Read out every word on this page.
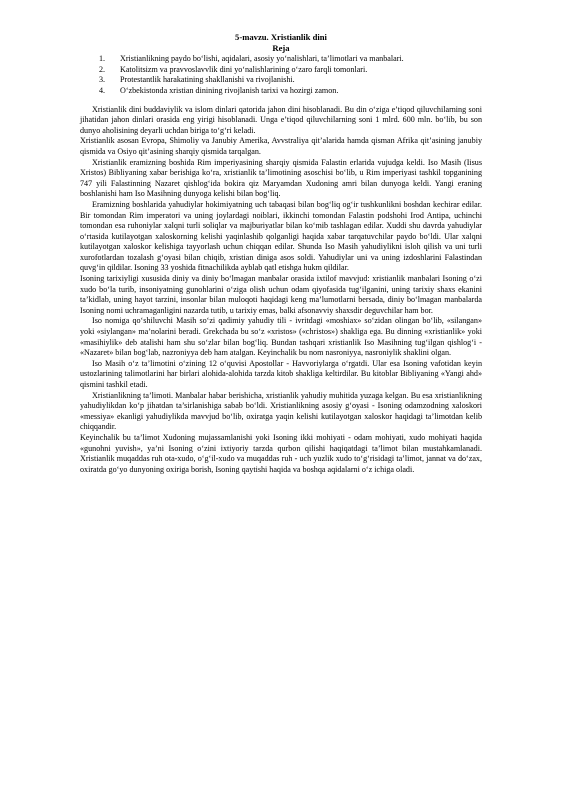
5-mavzu. Xristianlik dini
Reja
1. Xristianlikning paydo bo‘lishi, aqidalari, asosiy yo‘nalishlari, ta’limotlari va manbalari.
2. Katolitsizm va pravvoslavvlik dini yo‘nalishlarining o‘zaro farqli tomonlari.
3. Protestantlik harakatining shakllanishi va rivojlanishi.
4. O‘zbekistonda xristian dinining rivojlanish tarixi va hozirgi zamon.

Xristianlik dini buddaviylik va islom dinlari qatorida jahon dini hisoblanadi. Bu din o‘ziga e’tiqod qiluvchilarning soni jihatidan jahon dinlari orasida eng yirigi hisoblanadi. Unga e’tiqod qiluvchilarning soni 1 mlrd. 600 mln. bo‘lib, bu son dunyo aholisining deyarli uchdan biriga to‘g‘ri keladi.

Xristianlik asosan Evropa, Shimoliy va Janubiy Amerika, Avvstraliya qit’alarida hamda qisman Afrika qit’asining janubiy qismida va Osiyo qit’asining sharqiy qismida tarqalgan.

Xristianlik eramizning boshida Rim imperiyasining sharqiy qismida Falastin erlarida vujudga keldi. Iso Masih (Iisus Xristos) Bibliyaning xabar berishiga ko‘ra, xristianlik ta’limotining asoschisi bo‘lib, u Rim imperiyasi tashkil topganining 747 yili Falastinning Nazaret qishlog‘ida bokira qiz Maryamdan Xudoning amri bilan dunyoga keldi. Yangi eraning boshlanishi ham Iso Masihning dunyoga kelishi bilan bog‘liq.

Eramizning boshlarida yahudiylar hokimiyatning uch tabaqasi bilan bog‘liq og‘ir tushkunlikni boshdan kechirar edilar. Bir tomondan Rim imperatori va uning joylardagi noiblari, ikkinchi tomondan Falastin podshohi Irod Antipa, uchinchi tomondan esa ruhoniylar xalqni turli soliqlar va majburiyatlar bilan ko‘mib tashlagan edilar. Xuddi shu davrda yahudiylar o‘rtasida kutilayotgan xaloskorning kelishi yaqinlashib qolganligi haqida xabar tarqatuvchilar paydo bo‘ldi. Ular xalqni kutilayotgan xaloskor kelishiga tayyorlash uchun chiqqan edilar. Shunda Iso Masih yahudiylikni isloh qilish va uni turli xurofotlardan tozalash g‘oyasi bilan chiqib, xristian diniga asos soldi. Yahudiylar uni va uning izdoshlarini Falastindan quvg‘in qildilar. Isoning 33 yoshida fitnachilikda ayblab qatl etishga hukm qildilar.

Isoning tarixiyligi xususida diniy va diniy bo‘lmagan manbalar orasida ixtilof mavvjud: xristianlik manbalari Isoning o‘zi xudo bo‘la turib, insoniyatning gunohlarini o‘ziga olish uchun odam qiyofasida tug‘ilganini, uning tarixiy shaxs ekanini ta’kidlab, uning hayot tarzini, insonlar bilan muloqoti haqidagi keng ma’lumotlarni bersada, diniy bo‘lmagan manbalarda Isoning nomi uchramaganligini nazarda tutib, u tarixiy emas, balki afsonavviy shaxsdir deguvchilar ham bor.

Iso nomiga qo‘shiluvchi Masih so‘zi qadimiy yahudiy tili - ivritdagi «moshiax» so‘zidan olingan bo‘lib, «silangan» yoki «siylangan» ma’nolarini beradi. Grekchada bu so‘z «xristos» («christos») shakliga ega. Bu dinning «xristianlik» yoki «masihiylik» deb atalishi ham shu so‘zlar bilan bog‘liq. Bundan tashqari xristianlik Iso Masihning tug‘ilgan qishlog‘i - «Nazaret» bilan bog‘lab, nazroniyya deb ham atalgan. Keyinchalik bu nom nasroniyya, nasroniylik shaklini olgan.

Iso Masih o‘z ta’limotini o‘zining 12 o‘quvisi Apostollar - Havvoriylarga o‘rgatdi. Ular esa Isoning vafotidan keyin ustozlarining talimotlarini har birlari alohida-alohida tarzda kitob shakliga keltirdilar. Bu kitoblar Bibliyaning «Yangi ahd» qismini tashkil etadi.

Xristianlikning ta’limoti. Manbalar habar berishicha, xristianlik yahudiy muhitida yuzaga kelgan. Bu esa xristianlikning yahudiylikdan ko‘p jihatdan ta’sirlanishiga sabab bo‘ldi. Xristianlikning asosiy g‘oyasi - Isoning odamzodning xaloskori «messiya» ekanligi yahudiylikda mavvjud bo‘lib, oxiratga yaqin kelishi kutilayotgan xaloskor haqidagi ta’limotdan kelib chiqqandir.

Keyinchalik bu ta’limot Xudoning mujassamlanishi yoki Isoning ikki mohiyati - odam mohiyati, xudo mohiyati haqida «gunohni yuvish», ya’ni Isoning o‘zini ixtiyoriy tarzda qurbon qilishi haqiqatdagi ta’limot bilan mustahkamlanadi. Xristianlik muqaddas ruh ota-xudo, o‘g‘il-xudo va muqaddas ruh - uch yuzlik xudo to‘g‘risidagi ta’limot, jannat va do‘zax, oxiratda go‘yo dunyoning oxiriga borish, Isoning qaytishi haqida va boshqa aqidalarni o‘z ichiga oladi.
